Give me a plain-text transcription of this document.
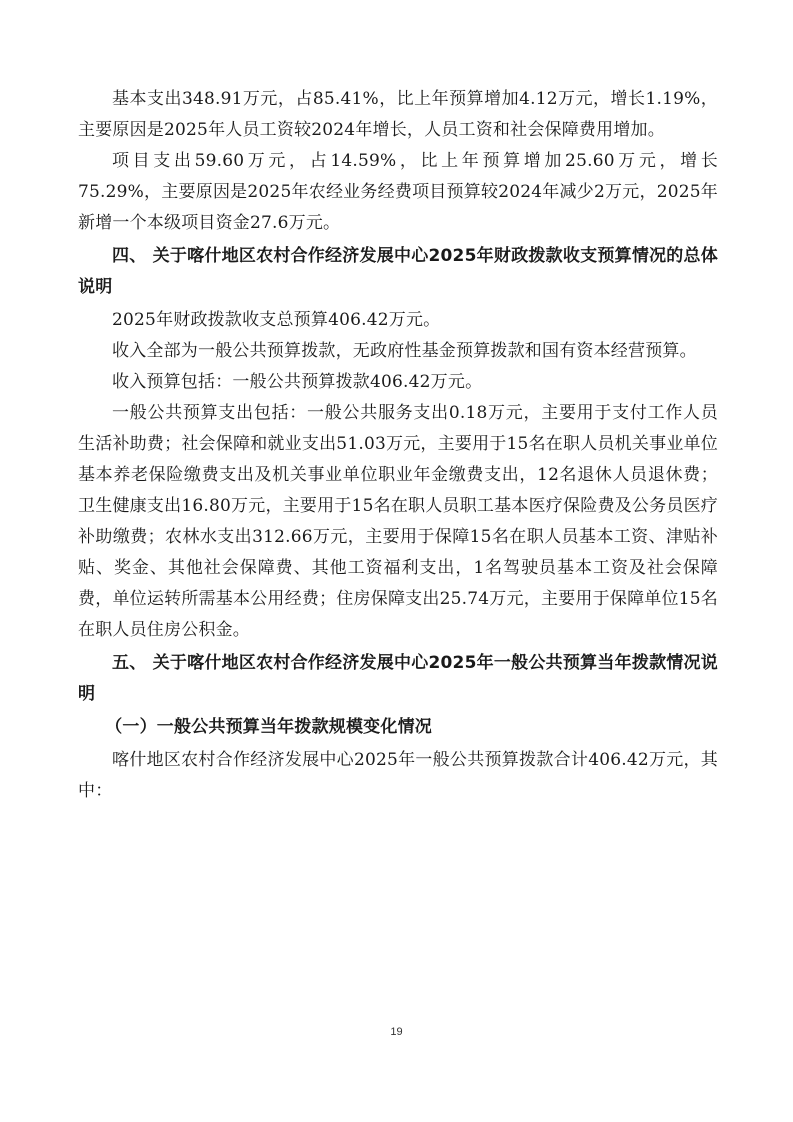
基本支出348.91万元，占85.41%，比上年预算增加4.12万元，增长1.19%，主要原因是2025年人员工资较2024年增长，人员工资和社会保障费用增加。

项目支出59.60万元，占14.59%，比上年预算增加25.60万元，增长75.29%，主要原因是2025年农经业务经费项目预算较2024年减少2万元，2025年新增一个本级项目资金27.6万元。

四、 关于喀什地区农村合作经济发展中心2025年财政拨款收支预算情况的总体说明

2025年财政拨款收支总预算406.42万元。

收入全部为一般公共预算拨款，无政府性基金预算拨款和国有资本经营预算。

收入预算包括：一般公共预算拨款406.42万元。

一般公共预算支出包括：一般公共服务支出0.18万元，主要用于支付工作人员生活补助费；社会保障和就业支出51.03万元，主要用于15名在职人员机关事业单位基本养老保险缴费支出及机关事业单位职业年金缴费支出，12名退休人员退休费；卫生健康支出16.80万元，主要用于15名在职人员职工基本医疗保险费及公务员医疗补助缴费；农林水支出312.66万元，主要用于保障15名在职人员基本工资、津贴补贴、奖金、其他社会保障费、其他工资福利支出，1名驾驶员基本工资及社会保障费，单位运转所需基本公用经费；住房保障支出25.74万元，主要用于保障单位15名在职人员住房公积金。

五、 关于喀什地区农村合作经济发展中心2025年一般公共预算当年拨款情况说明

（一）一般公共预算当年拨款规模变化情况

喀什地区农村合作经济发展中心2025年一般公共预算拨款合计406.42万元，其中：

19
